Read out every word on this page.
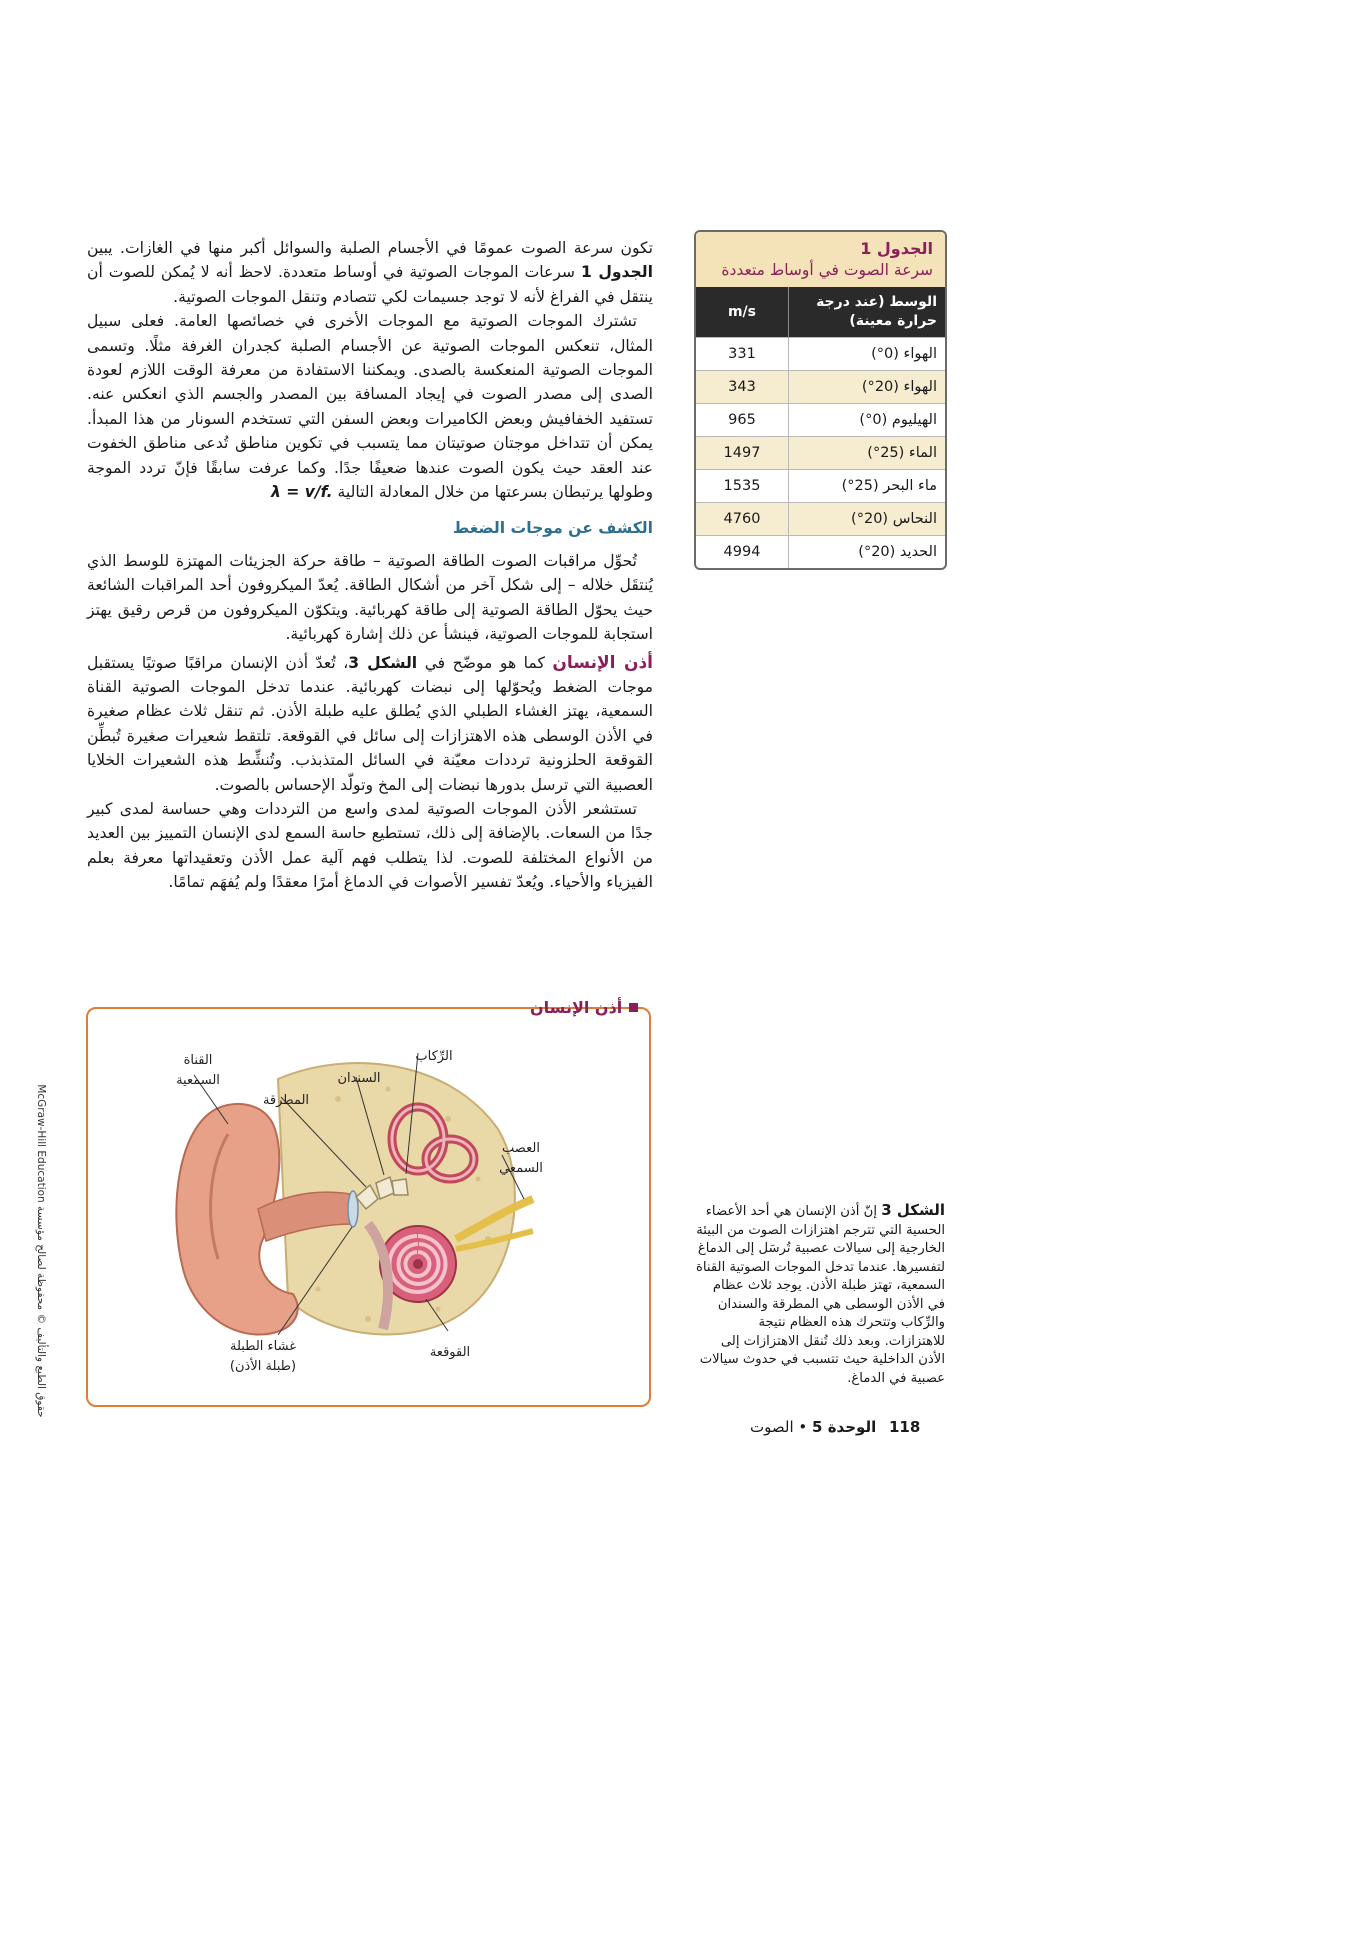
تكون سرعة الصوت عمومًا في الأجسام الصلبة والسوائل أكبر منها في الغازات. يبين الجدول 1 سرعات الموجات الصوتية في أوساط متعددة. لاحظ أنه لا يُمكن للصوت أن ينتقل في الفراغ لأنه لا توجد جسيمات لكي تتصادم وتنقل الموجات الصوتية.

تشترك الموجات الصوتية مع الموجات الأخرى في خصائصها العامة. فعلى سبيل المثال، تنعكس الموجات الصوتية عن الأجسام الصلبة كجدران الغرفة مثلًا. وتسمى الموجات الصوتية المنعكسة بالصدى. ويمكننا الاستفادة من معرفة الوقت اللازم لعودة الصدى إلى مصدر الصوت في إيجاد المسافة بين المصدر والجسم الذي انعكس عنه. تستفيد الخفافيش وبعض الكاميرات وبعض السفن التي تستخدم السونار من هذا المبدأ. يمكن أن تتداخل موجتان صوتيتان مما يتسبب في تكوين مناطق تُدعى مناطق الخفوت عند العقد حيث يكون الصوت عندها ضعيفًا جدًا. وكما عرفت سابقًا فإنّ تردد الموجة وطولها يرتبطان بسرعتها من خلال المعادلة التالية λ = v/f.

الكشف عن موجات الضغط

تُحوِّل مراقبات الصوت الطاقة الصوتية – طاقة حركة الجزيئات المهتزة للوسط الذي يُنتقَل خلاله – إلى شكل آخر من أشكال الطاقة. يُعدّ الميكروفون أحد المراقبات الشائعة حيث يحوّل الطاقة الصوتية إلى طاقة كهربائية. ويتكوّن الميكروفون من قرص رقيق يهتز استجابة للموجات الصوتية، فينشأ عن ذلك إشارة كهربائية.

أذن الإنسان كما هو موضّح في الشكل 3، تُعدّ أذن الإنسان مراقبًا صوتيًا يستقبل موجات الضغط ويُحوّلها إلى نبضات كهربائية. عندما تدخل الموجات الصوتية القناة السمعية، يهتز الغشاء الطبلي الذي يُطلق عليه طبلة الأذن. ثم تنقل ثلاث عظام صغيرة في الأذن الوسطى هذه الاهتزازات إلى سائل في القوقعة. تلتقط شعيرات صغيرة تُبطِّن القوقعة الحلزونية ترددات معيّنة في السائل المتذبذب. وتُنشِّط هذه الشعيرات الخلايا العصبية التي ترسل بدورها نبضات إلى المخ وتولّد الإحساس بالصوت.

تستشعر الأذن الموجات الصوتية لمدى واسع من الترددات وهي حساسة لمدى كبير جدًا من السعات. بالإضافة إلى ذلك، تستطيع حاسة السمع لدى الإنسان التمييز بين العديد من الأنواع المختلفة للصوت. لذا يتطلب فهم آلية عمل الأذن وتعقيداتها معرفة بعلم الفيزياء والأحياء. ويُعدّ تفسير الأصوات في الدماغ أمرًا معقدًا ولم يُفهَم تمامًا.

الجدول 1
سرعة الصوت في أوساط متعددة
الوسط (عند درجة حرارة معينة)	m/s
الهواء (0°)	331
الهواء (20°)	343
الهيليوم (0°)	965
الماء (25°)	1497
ماء البحر (25°)	1535
النحاس (20°)	4760
الحديد (20°)	4994
القناة
السمعية
المطرقة
السندان
الرِّكاب
العصب
السمعي
غشاء الطبلة
(طبلة الأذن)
القوقعة
أذن الإنسان
الشكل 3 إنّ أذن الإنسان هي أحد الأعضاء الحسية التي تترجم اهتزازات الصوت من البيئة الخارجية إلى سيالات عصبية تُرسَل إلى الدماغ لتفسيرها. عندما تدخل الموجات الصوتية القناة السمعية، تهتز طبلة الأذن. يوجد ثلاث عظام في الأذن الوسطى هي المطرقة والسندان والرِّكاب وتتحرك هذه العظام نتيجة للاهتزازات. وبعد ذلك تُنقل الاهتزازات إلى الأذن الداخلية حيث تتسبب في حدوث سيالات عصبية في الدماغ.
118 الوحدة 5 • الصوت
حقوق الطبع والتأليف © محفوظة لصالح مؤسسة McGraw-Hill Education
